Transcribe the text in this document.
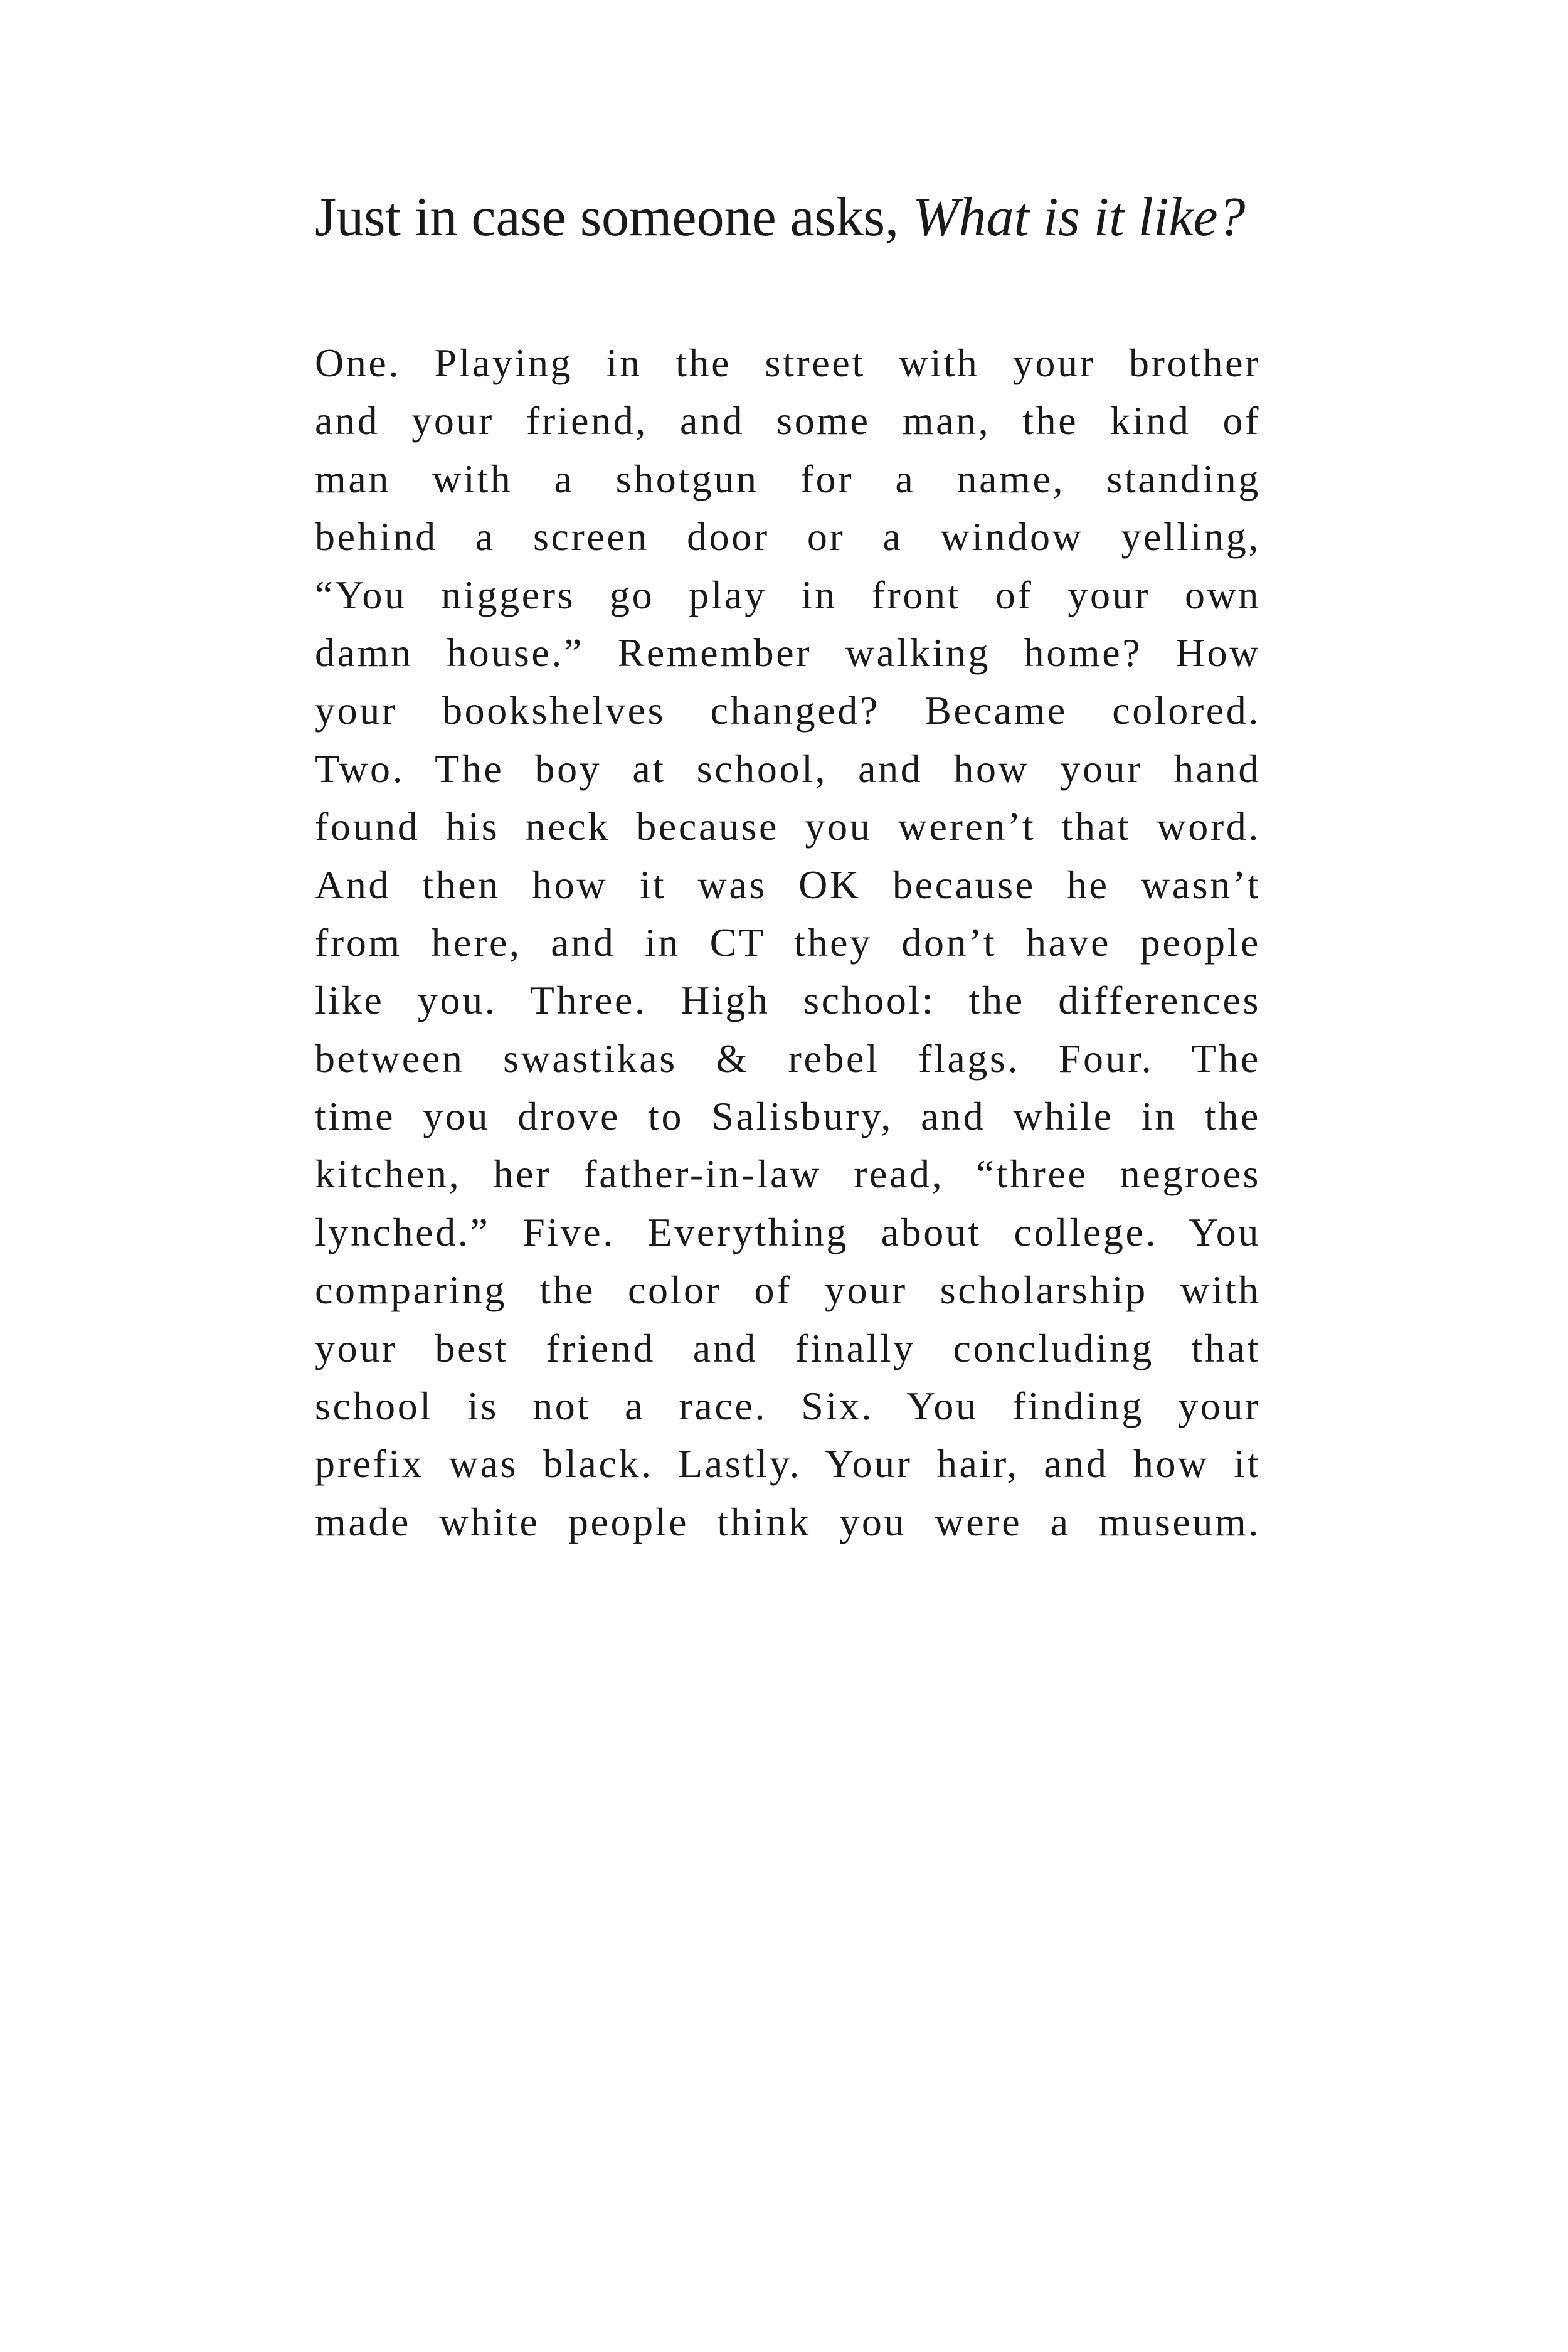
Just in case someone asks, What is it like?
One. Playing in the street with your brother
and your friend, and some man, the kind of
man with a shotgun for a name, standing
behind a screen door or a window yelling,
“You niggers go play in front of your own
damn house.” Remember walking home? How
your bookshelves changed? Became colored.
Two. The boy at school, and how your hand
found his neck because you weren’t that word.
And then how it was OK because he wasn’t
from here, and in CT they don’t have people
like you. Three. High school: the differences
between swastikas & rebel flags. Four. The
time you drove to Salisbury, and while in the
kitchen, her father-in-law read, “three negroes
lynched.” Five. Everything about college. You
comparing the color of your scholarship with
your best friend and finally concluding that
school is not a race. Six. You finding your
prefix was black. Lastly. Your hair, and how it
made white people think you were a museum.
